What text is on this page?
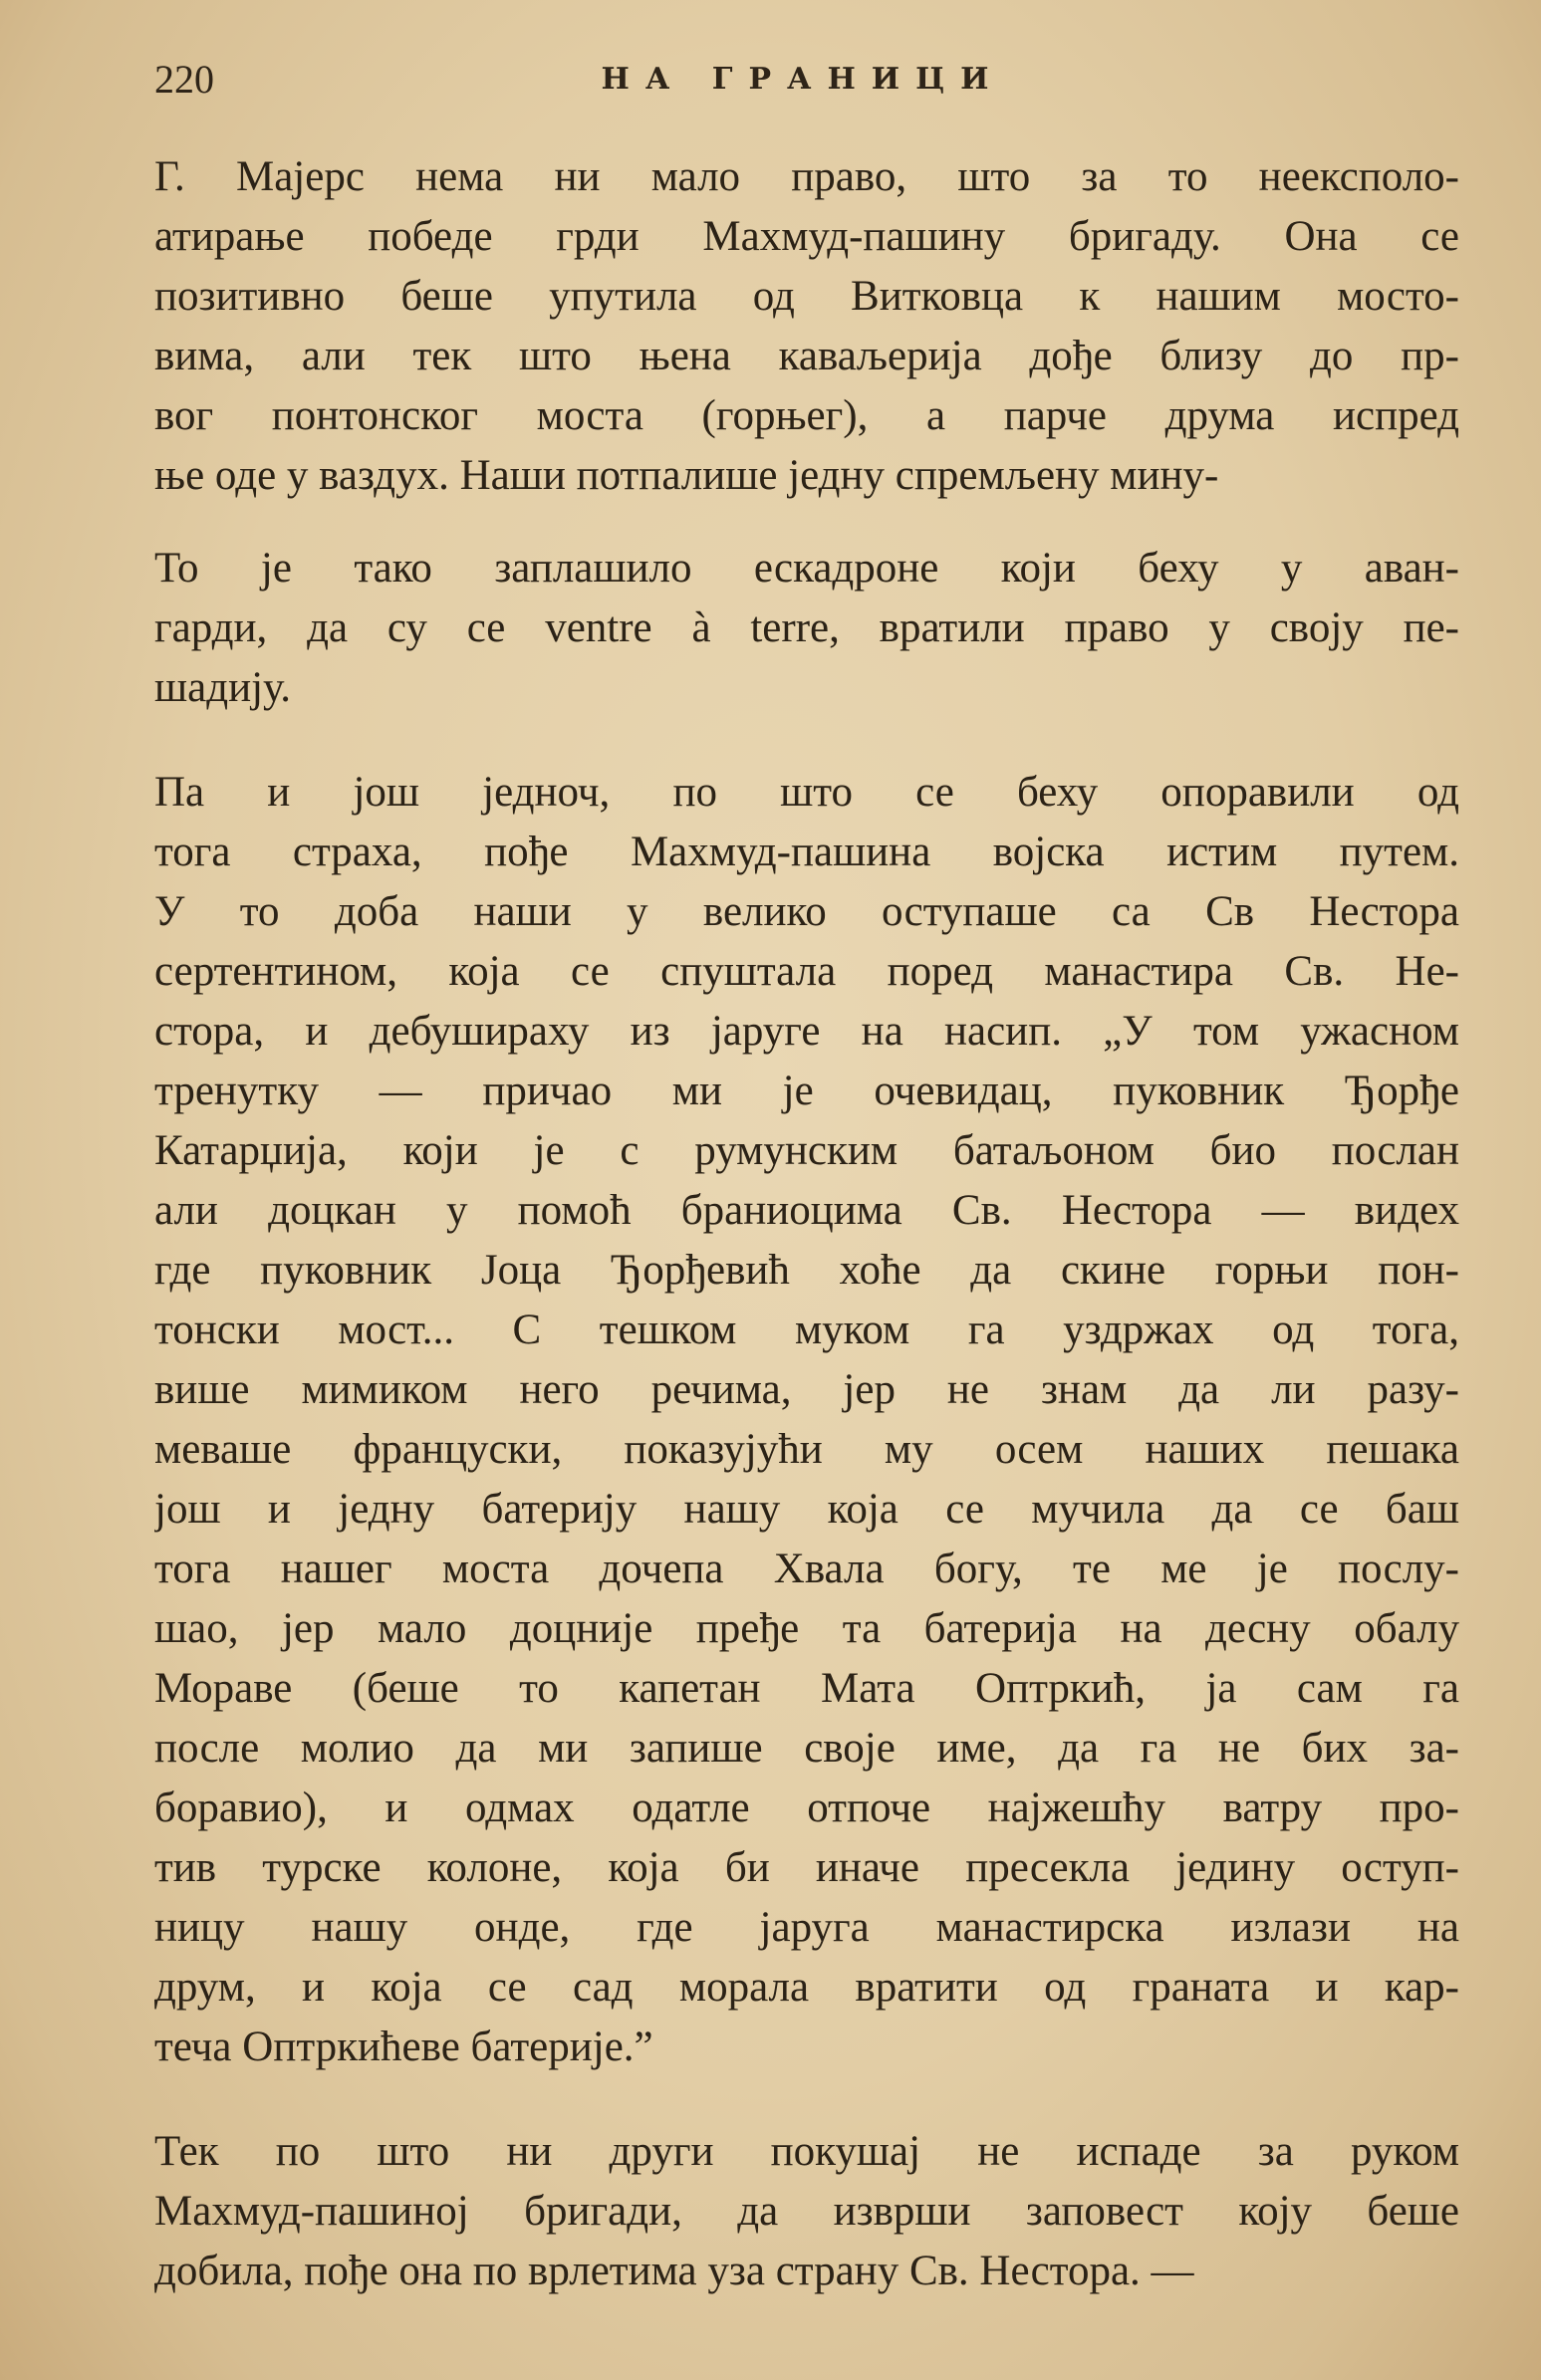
220	НА ГРАНИЦИ
Г. Мајерс нема ни мало право, што за то неексполо-
атирање победе грди Махмуд-пашину бригаду. Она се
позитивно беше упутила од Витковца к нашим мосто-
вима, али тек што њена каваљерија дође близу до пр-
вог понтонског моста (горњег), а парче друма испред
ње оде у ваздух. Наши потпалише једну спремљену мину-
То је тако заплашило ескадроне који беху у аван-
гарди, да су се ventre à terre, вратили право у своју пе-
шадију.
Па и још једноч, по што се беху опоравили од
тога страха, пође Махмуд-пашина војска истим путем.
У то доба наши у велико оступаше са Св Нестора
сертентином, која се спуштала поред манастира Св. Не-
стора, и дебушираху из јаруге на насип. „У том ужасном
тренутку — причао ми је очевидац, пуковник Ђорђе
Катарџија, који је с румунским батаљоном био послан
али доцкан у помоћ браниоцима Св. Нестора — видех
где пуковник Јоца Ђорђевић хоће да скине горњи пон-
тонски мост... С тешком муком га уздржах од тога,
више мимиком него речима, јер не знам да ли разу-
меваше француски, показујући му осем наших пешака
још и једну батерију нашу која се мучила да се баш
тога нашег моста дочепа Хвала богу, те ме је послу-
шао, јер мало доцније пређе та батерија на десну обалу
Мораве (беше то капетан Мата Оптркић, ја сам га
после молио да ми запише своје име, да га не бих за-
боравио), и одмах одатле отпоче најжешћу ватру про-
тив турске колоне, која би иначе пресекла једину оступ-
ницу нашу онде, где јаруга манастирска излази на
друм, и која се сад морала вратити од граната и кар-
теча Оптркићеве батерије.”
Тек по што ни други покушај не испаде за руком
Махмуд-пашиној бригади, да изврши заповест коју беше
добила, пође она по врлетима уза страну Св. Нестора. —
